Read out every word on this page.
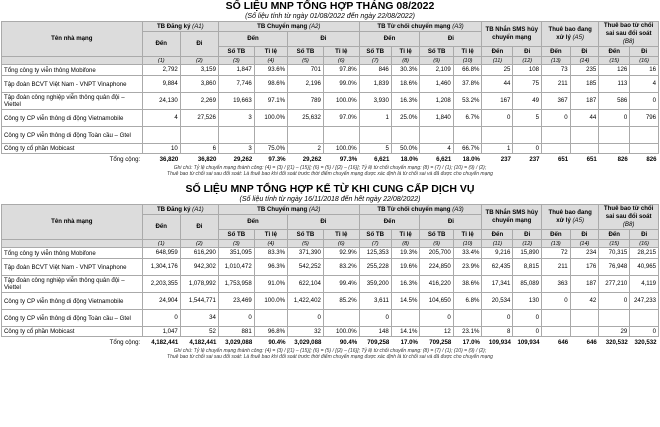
SỐ LIỆU MNP TỔNG HỢP THÁNG 08/2022
(Số liệu tính từ ngày 01/08/2022 đến ngày 22/08/2022)
Tên nhà mạng	TB Đăng ký (A1)		TB Chuyển mạng (A2)				TB Từ chối chuyển mạng (A3)				TB Nhắn SMS hủy chuyển mạng		Thuê bao đang xử lý (A5)		Thuê bao từ chối sai sau đổi soát (B8)	
	Đến	Đi	Đến		Đi		Đến		Đi							
			Số TB	Tỉ lệ	Số TB	Tỉ lệ	Số TB	Tỉ lệ	Số TB	Tỉ lệ	Đến	Đi	Đến	Đi	Đến	Đi
	(1)	(2)	(3)	(4)	(5)	(6)	(7)	(8)	(9)	(10)	(11)	(12)	(13)	(14)	(15)	(16)
Tổng công ty viễn thông Mobifone	2,792	3,159	1,847	93.6%	701	97.8%	846	30.3%	2,109	66.8%	25	108	73	235	126	16
Tập đoàn BCVT Việt Nam - VNPT Vinaphone	9,884	3,860	7,746	98.6%	2,196	99.0%	1,839	18.6%	1,460	37.8%	44	75	211	185	113	4
Tập đoàn công nghiệp viễn thông quân đội – Viettel	24,130	2,269	19,663	97.1%	789	100.0%	3,930	16.3%	1,208	53.2%	167	49	367	187	586	0
Công ty CP viễn thông di động Vietnamobile	4	27,526	3	100.0%	25,632	97.0%	1	25.0%	1,840	6.7%	0	5	0	44	0	796
Công ty CP viễn thông di động Toàn cầu – Gtel																
Công ty cổ phần Mobicast	10	6	3	75.0%	2	100.0%	5	50.0%	4	66.7%	1	0				
Tổng cộng:	36,820	36,820	29,262	97.3%	29,262	97.3%	6,621	18.0%	6,621	18.0%	237	237	651	651	826	826
Ghi chú: Tỷ lệ chuyển mạng thành công: (4) = (3) / [(1) – (15)]; (6) = (5) / [(2) – (16)]; Tỷ lệ từ chối chuyển mạng: (8) = (7) / (1); (10) = (9) / (2);
Thuê bao từ chối sai sau đối soát: Là thuê bao khi đối soát trước thời điểm chuyển mạng được xác định là từ chối sai và đã được cho chuyển mạng
SỐ LIỆU MNP TỔNG HỢP KỂ TỪ KHI CUNG CẤP DỊCH VỤ
(Số liệu tính từ ngày 16/11/2018 đến hết ngày 22/08/2022)
Tên nhà mạng	TB Đăng ký (A1)		TB Chuyển mạng (A2)				TB Từ chối chuyển mạng (A3)				TB Nhắn SMS hủy chuyển mạng		Thuê bao đang xử lý (A5)		Thuê bao từ chối sai sau đổi soát (B8)	
	Đến	Đi	Đến		Đi		Đến		Đi							
			Số TB	Tỉ lệ	Số TB	Tỉ lệ	Số TB	Tỉ lệ	Số TB	Tỉ lệ	Đến	Đi	Đến	Đi	Đến	Đi
	(1)	(2)	(3)	(4)	(5)	(6)	(7)	(8)	(9)	(10)	(11)	(12)	(13)	(14)	(15)	(16)
Tổng công ty viễn thông Mobifone	648,959	616,290	351,095	83.3%	371,390	92.9%	125,353	19.3%	205,700	33.4%	9,216	15,890	72	234	70,315	28,215
Tập đoàn BCVT Việt Nam - VNPT Vinaphone	1,304,176	942,302	1,010,472	96.3%	542,252	83.2%	255,228	19.6%	224,850	23.9%	62,435	8,815	211	176	76,948	40,965
Tập đoàn công nghiệp viễn thông quân đội – Viettel	2,203,355	1,078,992	1,753,958	91.0%	622,104	99.4%	359,200	16.3%	416,220	38.6%	17,341	85,089	363	187	277,210	4,119
Công ty CP viễn thông di động Vietnamobile	24,904	1,544,771	23,469	100.0%	1,422,402	85.2%	3,611	14.5%	104,650	6.8%	20,534	130	0	42	0	247,233
Công ty CP viễn thông di động Toàn cầu – Gtel	0	34	0		0		0		0		0	0				
Công ty cổ phần Mobicast	1,047	52	881	96.8%	32	100.0%	148	14.1%	12	23.1%	8	0			29	0
Tổng cộng:	4,182,441	4,182,441	3,029,088	90.4%	3,029,088	90.4%	709,258	17.0%	709,258	17.0%	109,934	109,934	646	646	320,532	320,532
Ghi chú: Tỷ lệ chuyển mạng thành công: (4) = (3) / [(1) – (15)]; (6) = (5) / [(2) – (16)]; Tỷ lệ từ chối chuyển mạng: (8) = (7) / (1); (10) = (9) / (2);
Thuê bao từ chối sai sau đối soát: Là thuê bao khi đối soát trước thời điểm chuyển mạng được xác định là từ chối sai và đã được cho chuyển mạng
